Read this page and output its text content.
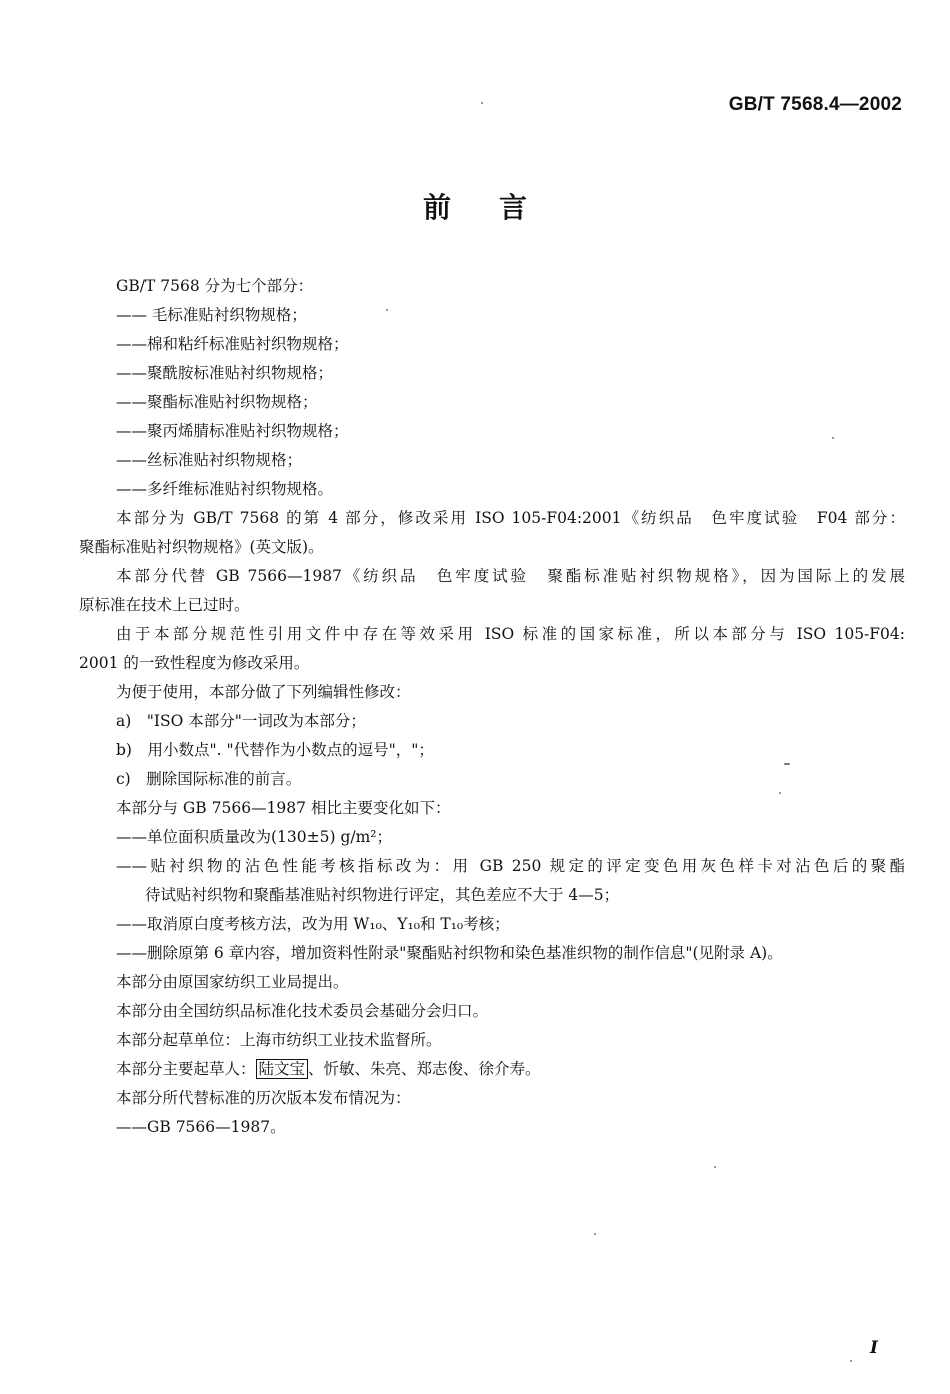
GB/T 7568.4—2002
前言
GB/T 7568 分为七个部分：
—— 毛标准贴衬织物规格；
——棉和粘纤标准贴衬织物规格；
——聚酰胺标准贴衬织物规格；
——聚酯标准贴衬织物规格；
——聚丙烯腈标准贴衬织物规格；
——丝标准贴衬织物规格；
——多纤维标准贴衬织物规格。
本部分为 GB/T 7568 的第 4 部分，修改采用 ISO 105-F04:2001《纺织品　色牢度试验　F04 部分：
聚酯标准贴衬织物规格》(英文版)。
本部分代替 GB 7566—1987《纺织品　色牢度试验　聚酯标准贴衬织物规格》，因为国际上的发展
原标准在技术上已过时。
由于本部分规范性引用文件中存在等效采用 ISO 标准的国家标准，所以本部分与 ISO 105-F04:
2001 的一致性程度为修改采用。
为便于使用，本部分做了下列编辑性修改：
a)　"ISO 本部分"一词改为本部分；
b)　用小数点". "代替作为小数点的逗号"，"；
c)　删除国际标准的前言。
本部分与 GB 7566—1987 相比主要变化如下：
——单位面积质量改为(130±5) g/m²；
——贴衬织物的沾色性能考核指标改为：用 GB 250 规定的评定变色用灰色样卡对沾色后的聚酯
待试贴衬织物和聚酯基准贴衬织物进行评定，其色差应不大于 4—5；
——取消原白度考核方法，改为用 W₁₀、Y₁₀和 T₁₀考核；
——删除原第 6 章内容，增加资料性附录"聚酯贴衬织物和染色基准织物的制作信息"(见附录 A)。
本部分由原国家纺织工业局提出。
本部分由全国纺织品标准化技术委员会基础分会归口。
本部分起草单位：上海市纺织工业技术监督所。
本部分主要起草人： 陆文宝 、忻敏、朱亮、郑志俊、徐介寿。
本部分所代替标准的历次版本发布情况为：
——GB 7566—1987。
I
